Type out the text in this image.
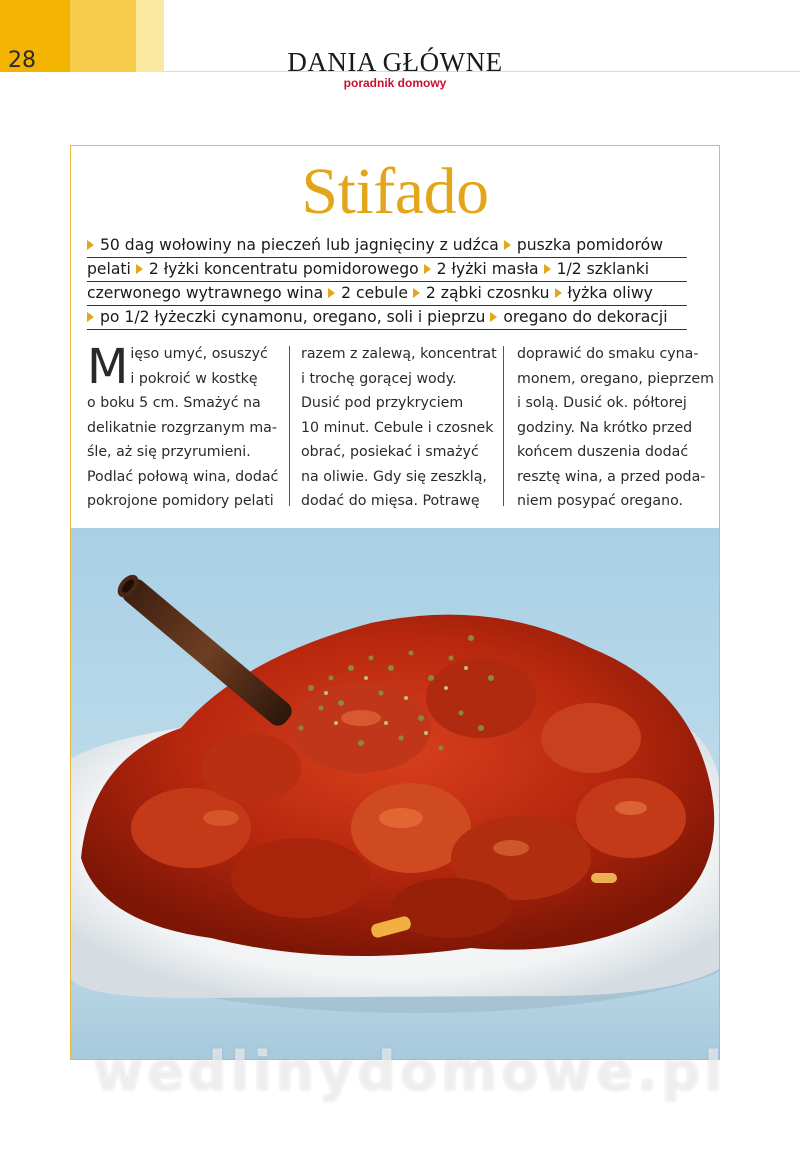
28	DANIA GŁÓWNE
poradnik domowy
Stifado
50 dag wołowiny na pieczeń lub jagnięciny z udźca puszka pomidorów
pelati 2 łyżki koncentratu pomidorowego 2 łyżki masła 1/2 szklanki
czerwonego wytrawnego wina 2 cebule 2 ząbki czosnku łyżka oliwy
po 1/2 łyżeczki cynamonu, oregano, soli i pieprzu oregano do dekoracji
M ięso umyć, osuszyć
i pokroić w kostkę
o boku 5 cm. Smażyć na
delikatnie rozgrzanym ma-
śle, aż się przyrumieni.
Podlać połową wina, dodać
pokrojone pomidory pelati
razem z zalewą, koncentrat
i trochę gorącej wody.
Dusić pod przykryciem
10 minut. Cebule i czosnek
obrać, posiekać i smażyć
na oliwie. Gdy się zeszklą,
dodać do mięsa. Potrawę
doprawić do smaku cyna-
monem, oregano, pieprzem
i solą. Dusić ok. półtorej
godziny. Na krótko przed
końcem duszenia dodać
resztę wina, a przed poda-
niem posypać oregano.
wedlinydomowe.pl
